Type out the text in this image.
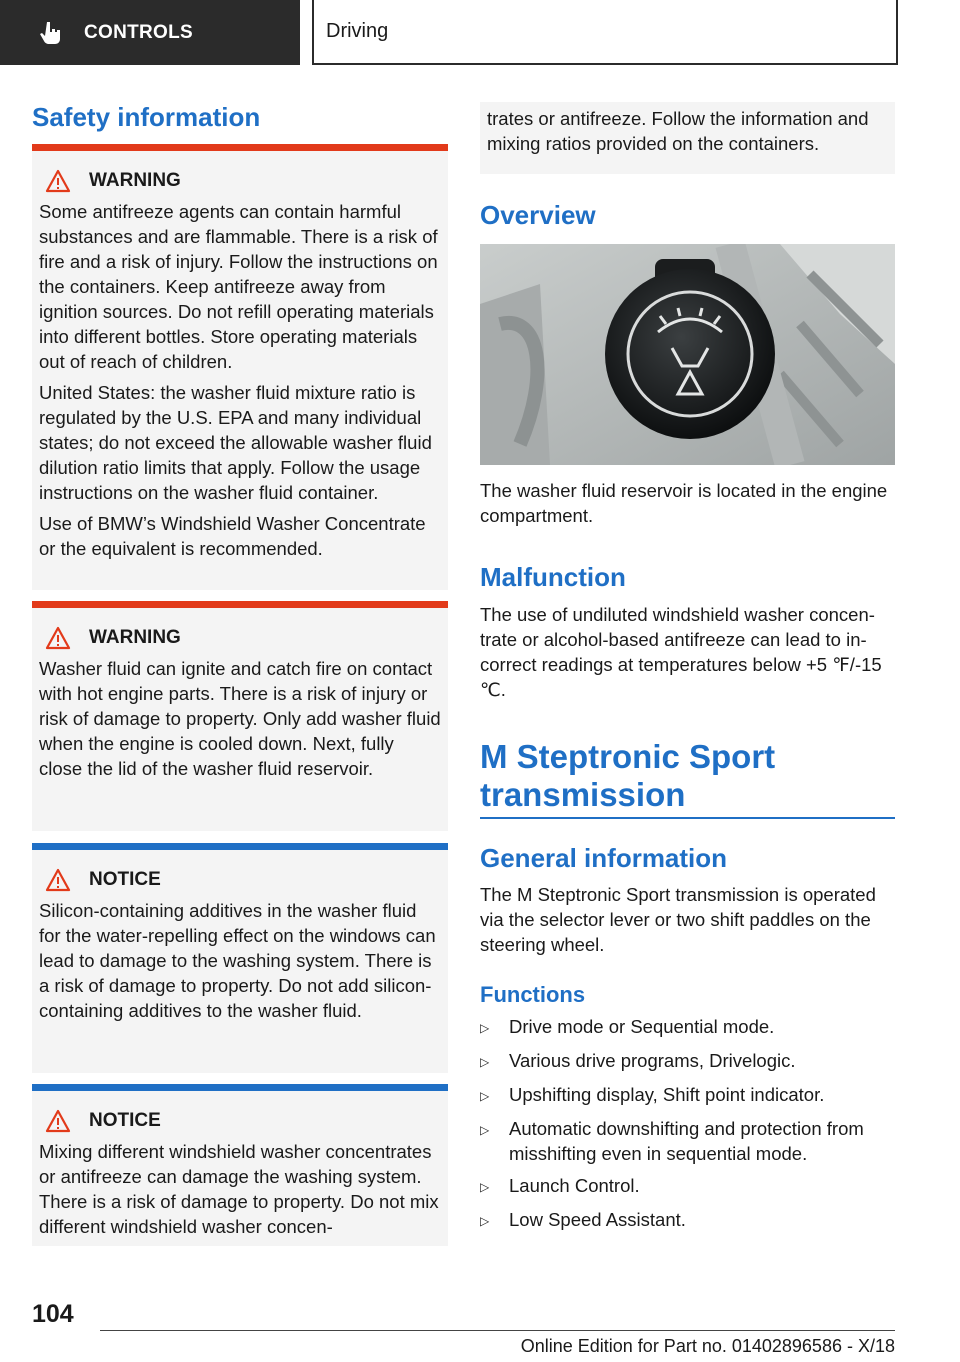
CONTROLS	Driving
Safety information
WARNING

Some antifreeze agents can contain harmful substances and are flammable. There is a risk of fire and a risk of injury. Follow the instructions on the containers. Keep antifreeze away from ignition sources. Do not refill operating materials into different bottles. Store operating materials out of reach of children.

United States: the washer fluid mixture ratio is regulated by the U.S. EPA and many individual states; do not exceed the allowable washer fluid dilution ratio limits that apply. Follow the usage instructions on the washer fluid container.

Use of BMW’s Windshield Washer Concentrate or the equivalent is recommended.

WARNING

Washer fluid can ignite and catch fire on contact with hot engine parts. There is a risk of injury or risk of damage to property. Only add washer fluid when the engine is cooled down. Next, fully close the lid of the washer fluid reservoir.

NOTICE

Silicon-containing additives in the washer fluid for the water-repelling effect on the windows can lead to damage to the washing system. There is a risk of damage to property. Do not add silicon-containing additives to the washer fluid.

NOTICE

Mixing different windshield washer concentrates or antifreeze can damage the washing system. There is a risk of damage to property. Do not mix different windshield washer concen-

trates or antifreeze. Follow the information and mixing ratios provided on the containers.

Overview

The washer fluid reservoir is located in the engine compartment.

Malfunction

The use of undiluted windshield washer concentrate or alcohol-based antifreeze can lead to incorrect readings at temperatures below +5 ℉/-15 ℃.

M Steptronic Sport
transmission
General information

The M Steptronic Sport transmission is operated via the selector lever or two shift paddles on the steering wheel.

Functions
▷	Drive mode or Sequential mode.
▷	Various drive programs, Drivelogic.
▷	Upshifting display, Shift point indicator.
▷	Automatic downshifting and protection from misshifting even in sequential mode.
▷	Launch Control.
▷	Low Speed Assistant.
104
Online Edition for Part no. 01402896586 - X/18
